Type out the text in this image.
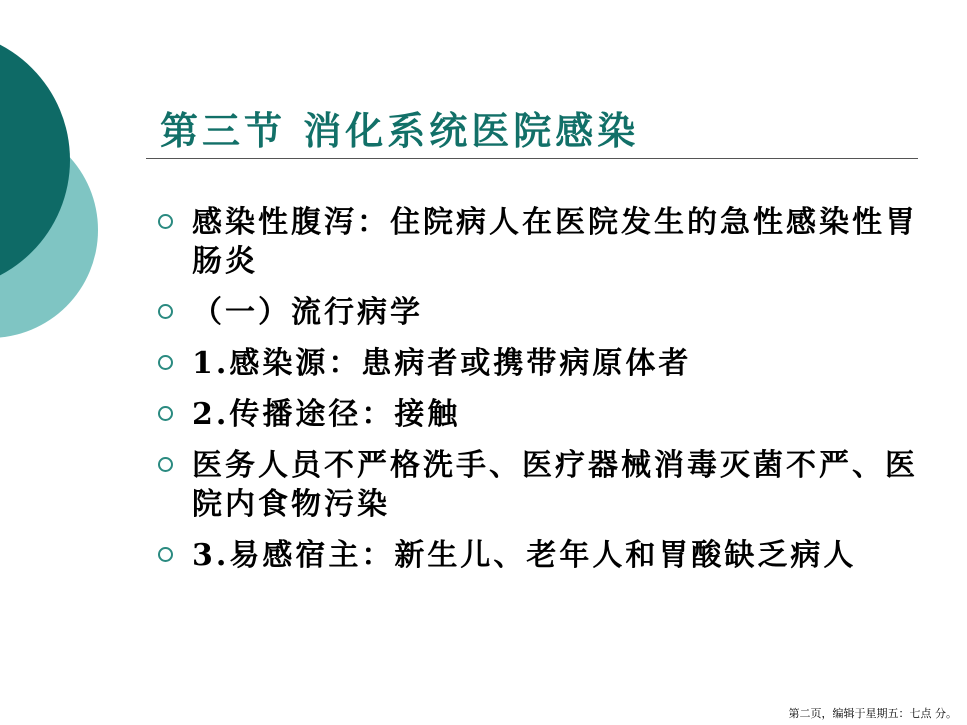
第三节 消化系统医院感染
感染性腹泻：住院病人在医院发生的急性感染性胃肠炎
（一）流行病学
1.感染源：患病者或携带病原体者
2.传播途径：接触
医务人员不严格洗手、医疗器械消毒灭菌不严、医院内食物污染
3.易感宿主：新生儿、老年人和胃酸缺乏病人
第二页，编辑于星期五：七点 分。
